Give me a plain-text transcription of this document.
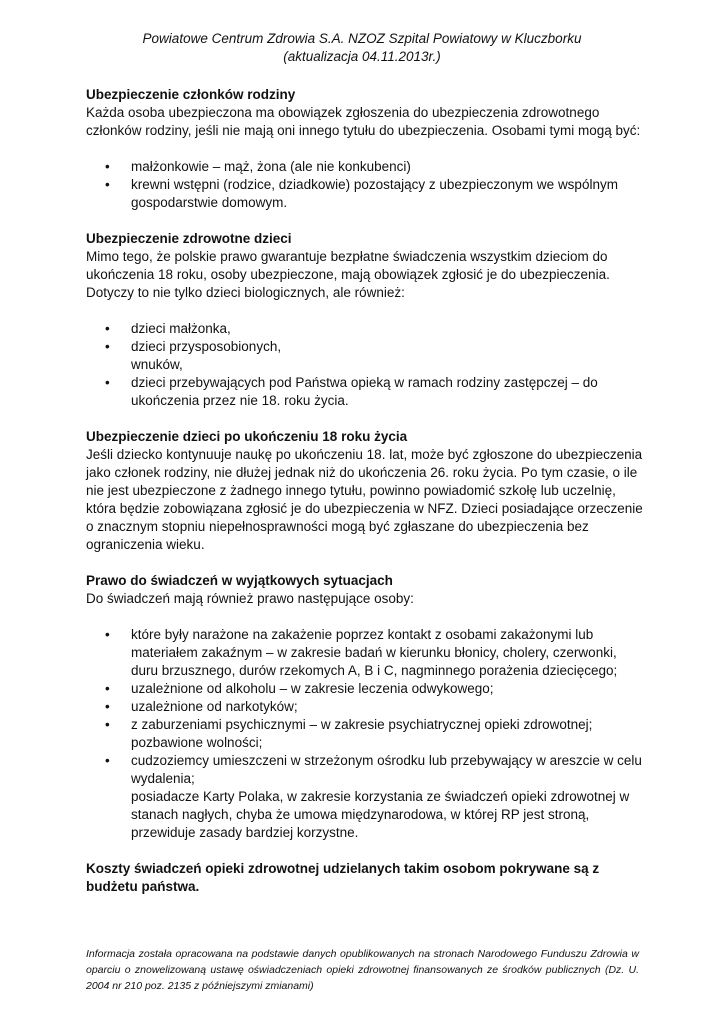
Powiatowe Centrum Zdrowia S.A. NZOZ Szpital Powiatowy w Kluczborku
(aktualizacja 04.11.2013r.)

Ubezpieczenie członków rodziny

Każda osoba ubezpieczona ma obowiązek zgłoszenia do ubezpieczenia zdrowotnego członków rodziny, jeśli nie mają oni innego tytułu do ubezpieczenia. Osobami tymi mogą być:

• małżonkowie – mąż, żona (ale nie konkubenci)
• krewni wstępni (rodzice, dziadkowie) pozostający z ubezpieczonym we wspólnym gospodarstwie domowym.

Ubezpieczenie zdrowotne dzieci

Mimo tego, że polskie prawo gwarantuje bezpłatne świadczenia wszystkim dzieciom do ukończenia 18 roku, osoby ubezpieczone, mają obowiązek zgłosić je do ubezpieczenia. Dotyczy to nie tylko dzieci biologicznych, ale również:

• dzieci małżonka,
• dzieci przysposobionych,
wnuków,
• dzieci przebywających pod Państwa opieką w ramach rodziny zastępczej – do ukończenia przez nie 18. roku życia.

Ubezpieczenie dzieci po ukończeniu 18 roku życia

Jeśli dziecko kontynuuje naukę po ukończeniu 18. lat, może być zgłoszone do ubezpieczenia jako członek rodziny, nie dłużej jednak niż do ukończenia 26. roku życia. Po tym czasie, o ile nie jest ubezpieczone z żadnego innego tytułu, powinno powiadomić szkołę lub uczelnię, która będzie zobowiązana zgłosić je do ubezpieczenia w NFZ. Dzieci posiadające orzeczenie o znacznym stopniu niepełnosprawności mogą być zgłaszane do ubezpieczenia bez ograniczenia wieku.

Prawo do świadczeń w wyjątkowych sytuacjach

Do świadczeń mają również prawo następujące osoby:

• które były narażone na zakażenie poprzez kontakt z osobami zakażonymi lub materiałem zakaźnym – w zakresie badań w kierunku błonicy, cholery, czerwonki, duru brzusznego, durów rzekomych A, B i C, nagminnego porażenia dziecięcego;
• uzależnione od alkoholu – w zakresie leczenia odwykowego;
• uzależnione od narkotyków;
• z zaburzeniami psychicznymi – w zakresie psychiatrycznej opieki zdrowotnej; pozbawione wolności;
• cudzoziemcy umieszczeni w strzeżonym ośrodku lub przebywający w areszcie w celu wydalenia;
posiadacze Karty Polaka, w zakresie korzystania ze świadczeń opieki zdrowotnej w stanach nagłych, chyba że umowa międzynarodowa, w której RP jest stroną, przewiduje zasady bardziej korzystne.

Koszty świadczeń opieki zdrowotnej udzielanych takim osobom pokrywane są z budżetu państwa.

Informacja została opracowana na podstawie danych opublikowanych na stronach Narodowego Funduszu Zdrowia w oparciu o znowelizowaną ustawę oświadczeniach opieki zdrowotnej finansowanych ze środków publicznych (Dz. U. 2004 nr 210 poz. 2135 z późniejszymi zmianami)
